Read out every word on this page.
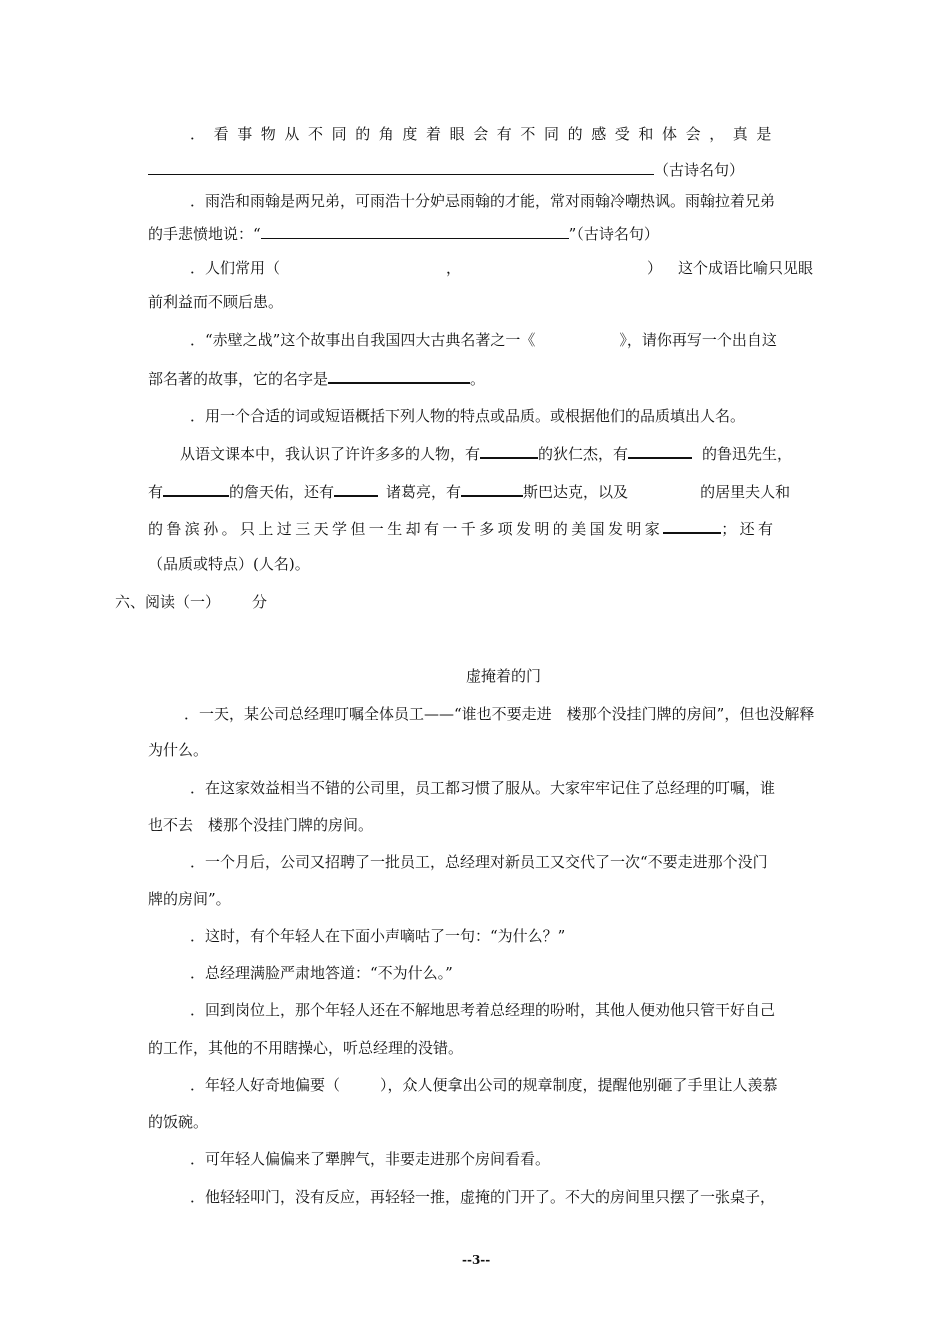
．看事物从不同的角度着眼会有不同的感受和体会，真是
（古诗名句）
．雨浩和雨翰是两兄弟，可雨浩十分妒忌雨翰的才能，常对雨翰冷嘲热讽。雨翰拉着兄弟
的手悲愤地说：“	”（古诗名句）
．人们常用（	，	） 这个成语比喻只见眼
前利益而不顾后患。
．“赤壁之战”这个故事出自我国四大古典名著之一《	》，请你再写一个出自这
部名著的故事，它的名字是	。
．用一个合适的词或短语概括下列人物的特点或品质。或根据他们的品质填出人名。
从语文课本中，我认识了许许多多的人物，有	的狄仁杰，有	的鲁迅先生，
有	的詹天佑，还有	诸葛亮，有	斯巴达克，以及	的居里夫人和
的鲁滨孙。只上过三天学但一生却有一千多项发明的美国发明家	；还有
（品质或特点）(人名)。
六、阅读（一） 分
虚掩着的门
．一天，某公司总经理叮嘱全体员工——“谁也不要走进　楼那个没挂门牌的房间”，但也没解释
为什么。
．在这家效益相当不错的公司里，员工都习惯了服从。大家牢牢记住了总经理的叮嘱，谁
也不去　楼那个没挂门牌的房间。
．一个月后，公司又招聘了一批员工，总经理对新员工又交代了一次“不要走进那个没门
牌的房间”。
．这时，有个年轻人在下面小声嘀咕了一句：“为什么？”
．总经理满脸严肃地答道：“不为什么。”
．回到岗位上，那个年轻人还在不解地思考着总经理的吩咐，其他人便劝他只管干好自己
的工作，其他的不用瞎操心，听总经理的没错。
．年轻人好奇地偏要（	），众人便拿出公司的规章制度，提醒他别砸了手里让人羡慕
的饭碗。
．可年轻人偏偏来了犟脾气，非要走进那个房间看看。
．他轻轻叩门，没有反应，再轻轻一推，虚掩的门开了。不大的房间里只摆了一张桌子，
--3--
